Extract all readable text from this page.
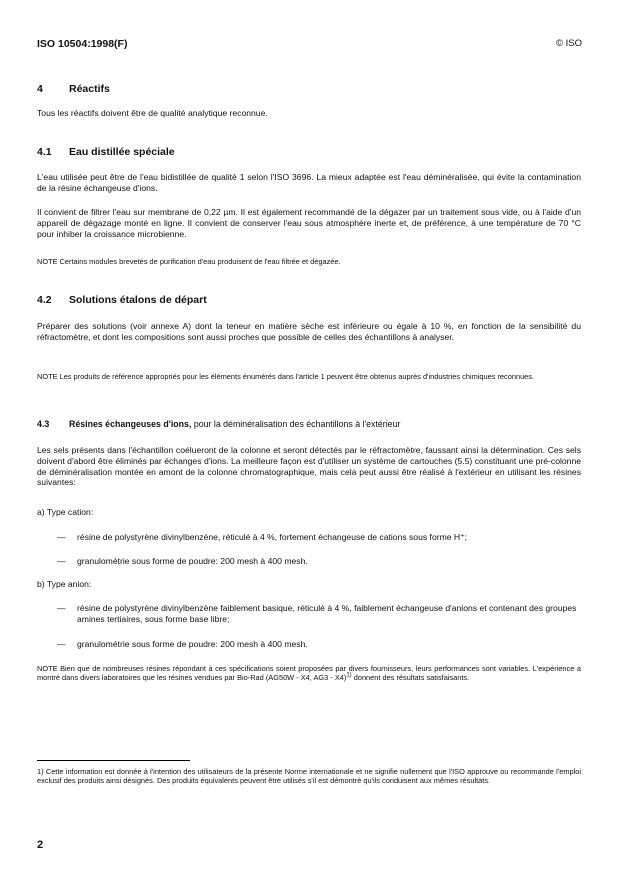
ISO 10504:1998(F)	© ISO
4 Réactifs
Tous les réactifs doivent être de qualité analytique reconnue.
4.1 Eau distillée spéciale
L'eau utilisée peut être de l'eau bidistillée de qualité 1 selon l'ISO 3696. La mieux adaptée est l'eau déminéralisée, qui évite la contamination de la résine échangeuse d'ions.
Il convient de filtrer l'eau sur membrane de 0,22 µm. Il est également recommandé de la dégazer par un traitement sous vide, ou à l'aide d'un appareil de dégazage monté en ligne. Il convient de conserver l'eau sous atmosphère inerte et, de préférence, à une température de 70 °C pour inhiber la croissance microbienne.
NOTE Certains modules brevetés de purification d'eau produisent de l'eau filtrée et dégazée.
4.2 Solutions étalons de départ
Préparer des solutions (voir annexe A) dont la teneur en matière sèche est inférieure ou égale à 10 %, en fonction de la sensibilité du réfractomètre, et dont les compositions sont aussi proches que possible de celles des échantillons à analyser.
NOTE Les produits de référence appropriés pour les éléments énumérés dans l'article 1 peuvent être obtenus auprès d'industries chimiques reconnues.
4.3 Résines échangeuses d'ions, pour la déminéralisation des échantillons à l'extérieur
Les sels présents dans l'échantillon coélueront de la colonne et seront détectés par le réfractomètre, faussant ainsi la détermination. Ces sels doivent d'abord être éliminés par échanges d'ions. La meilleure façon est d'utiliser un système de cartouches (5.5) constituant une pré-colonne de déminéralisation montée en amont de la colonne chromatographique, mais cela peut aussi être réalisé à l'extérieur en utilisant les résines suivantes:
a) Type cation:
— résine de polystyrène divinylbenzène, réticulé à 4 %, fortement échangeuse de cations sous forme H⁺;
— granulométrie sous forme de poudre: 200 mesh à 400 mesh.
b) Type anion:
— résine de polystyrène divinylbenzène faiblement basique, réticulé à 4 %, faiblement échangeuse d'anions et contenant des groupes amines tertiaires, sous forme base libre;
— granulométrie sous forme de poudre: 200 mesh à 400 mesh.
NOTE Bien que de nombreuses résines répondant à ces spécifications soient proposées par divers fournisseurs, leurs performances sont variables. L'expérience a montré dans divers laboratoires que les résines vendues par Bio-Rad (AG50W - X4, AG3 - X4)$^{1)}$ donnent des résultats satisfaisants.
1) Cette information est donnée à l'intention des utilisateurs de la présente Norme internationale et ne signifie nullement que l'ISO approuve ou recommande l'emploi exclusif des produits ainsi désignés. Des produits équivalents peuvent être utilisés s'il est démontré qu'ils conduisent aux mêmes résultats.
2
